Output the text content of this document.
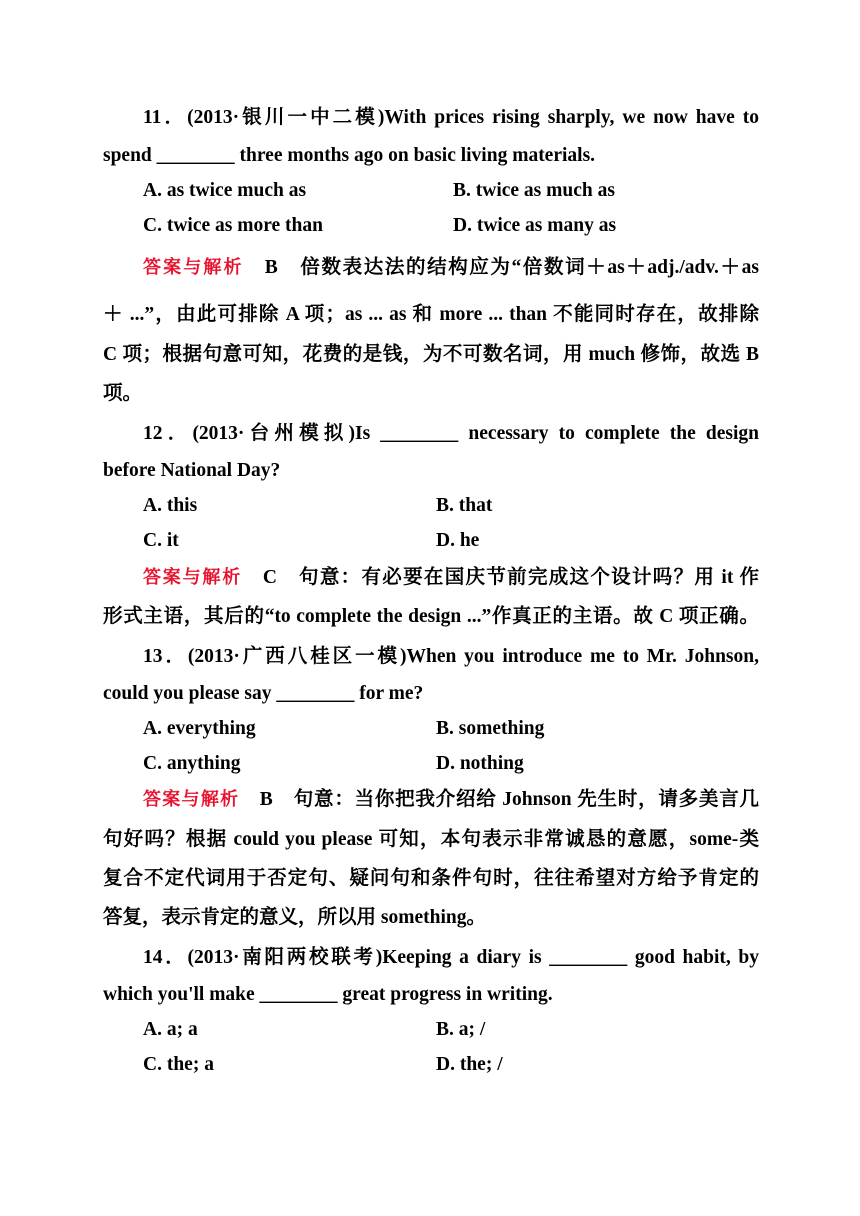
11．(2013·银川一中二模)With prices rising sharply, we now have to
spend ________ three months ago on basic living materials.
A. as twice much as	B. twice as much as
C. twice as more than	D. twice as many as
答案与解析　 B　倍数表达法的结构应为“倍数词＋as＋adj./adv.＋as
＋ ...”，由此可排除 A 项；as ... as 和 more ... than 不能同时存在，故排除
C 项；根据句意可知，花费的是钱，为不可数名词，用 much 修饰，故选 B
项。
12．(2013·台州模拟)Is ________ necessary to complete the design
before National Day?
A. this	B. that
C. it	D. he
答案与解析　 C　句意：有必要在国庆节前完成这个设计吗？用 it 作
形式主语，其后的“to complete the design ...”作真正的主语。故 C 项正确。
13．(2013·广西八桂区一模)When you introduce me to Mr. Johnson,
could you please say ________ for me?
A. everything	B. something
C. anything	D. nothing
答案与解析　 B　句意：当你把我介绍给 Johnson 先生时，请多美言几
句好吗？根据 could you please 可知，本句表示非常诚恳的意愿，some-类
复合不定代词用于否定句、疑问句和条件句时，往往希望对方给予肯定的
答复，表示肯定的意义，所以用 something。
14．(2013·南阳两校联考)Keeping a diary is ________ good habit, by
which you'll make ________ great progress in writing.
A. a; a	B. a; /
C. the; a	D. the; /
